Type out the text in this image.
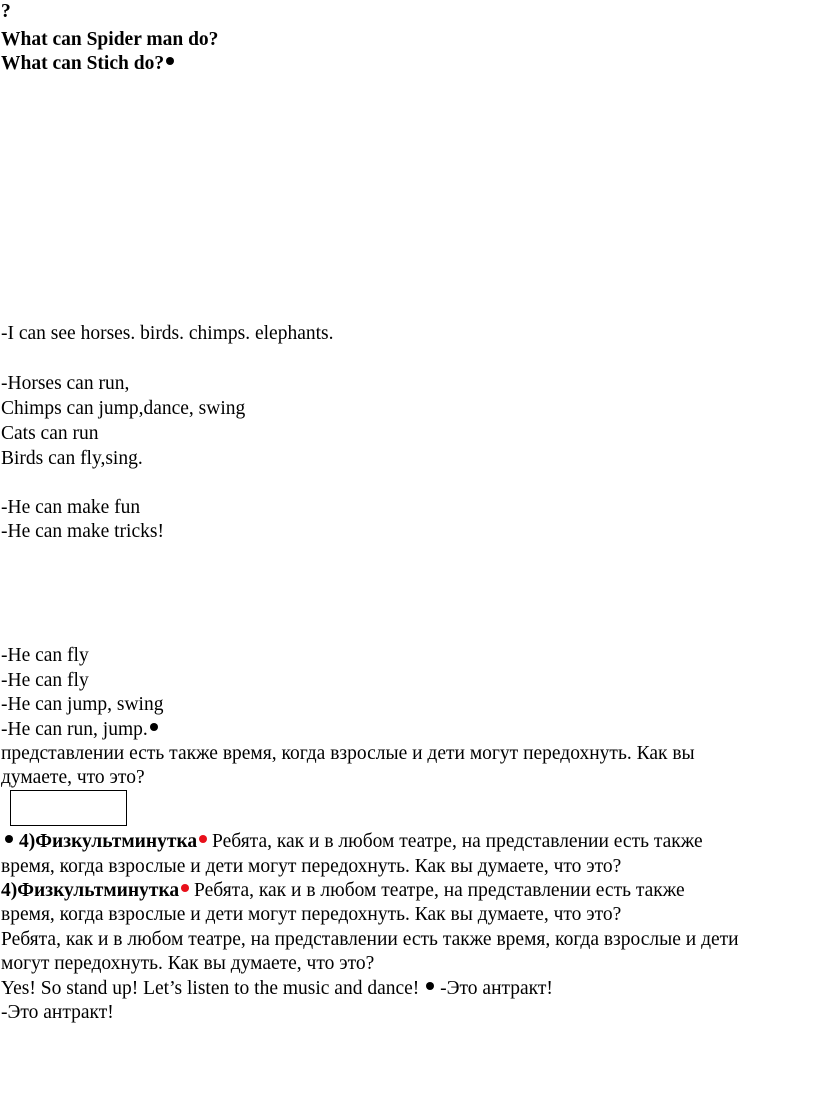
?
What can Spider man do?
What can Stich do?
-I can see horses. birds. chimps. elephants.
-Horses can run,
Chimps can jump,dance, swing
Cats can run
Birds can fly,sing.
-He can make fun
-He can make tricks!
-He can fly
-He can fly
-He can jump, swing
-He can run, jump.
представлении есть также время, когда взрослые и дети могут передохнуть. Как вы
думаете, что это?
4)Физкультминутка Ребята, как и в любом театре, на представлении есть также
время, когда взрослые и дети могут передохнуть. Как вы думаете, что это?
4)Физкультминутка Ребята, как и в любом театре, на представлении есть также
время, когда взрослые и дети могут передохнуть. Как вы думаете, что это?
Ребята, как и в любом театре, на представлении есть также время, когда взрослые и дети
могут передохнуть. Как вы думаете, что это?
Yes! So stand up! Let’s listen to the music and dance! -Это антракт!
-Это антракт!
